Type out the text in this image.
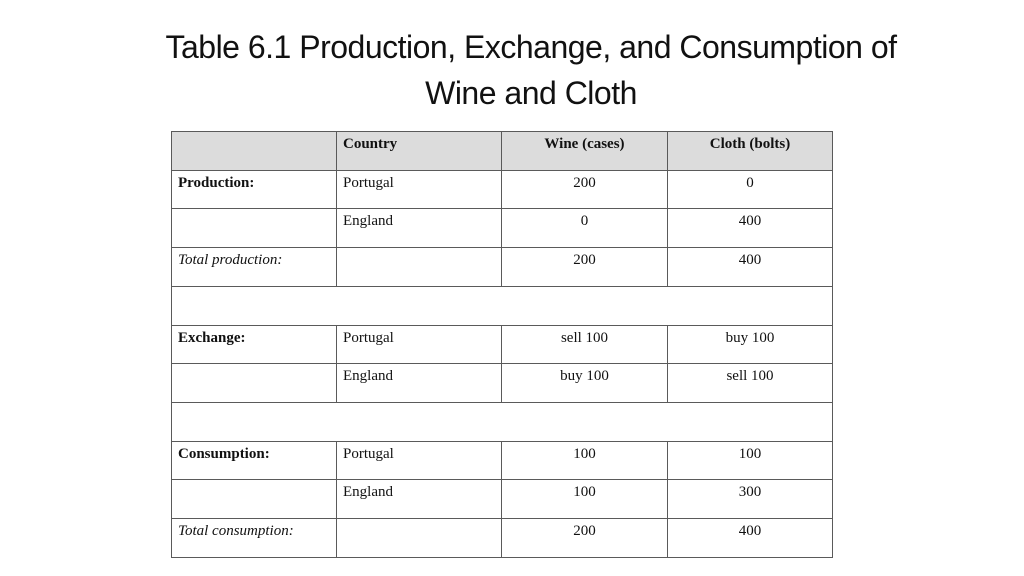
Table 6.1 Production, Exchange, and Consumption of
Wine and Cloth
	Country	Wine (cases)	Cloth (bolts)
Production:	Portugal	200	0
	England	0	400
Total production:		200	400

Exchange:	Portugal	sell 100	buy 100
	England	buy 100	sell 100

Consumption:	Portugal	100	100
	England	100	300
Total consumption:		200	400
